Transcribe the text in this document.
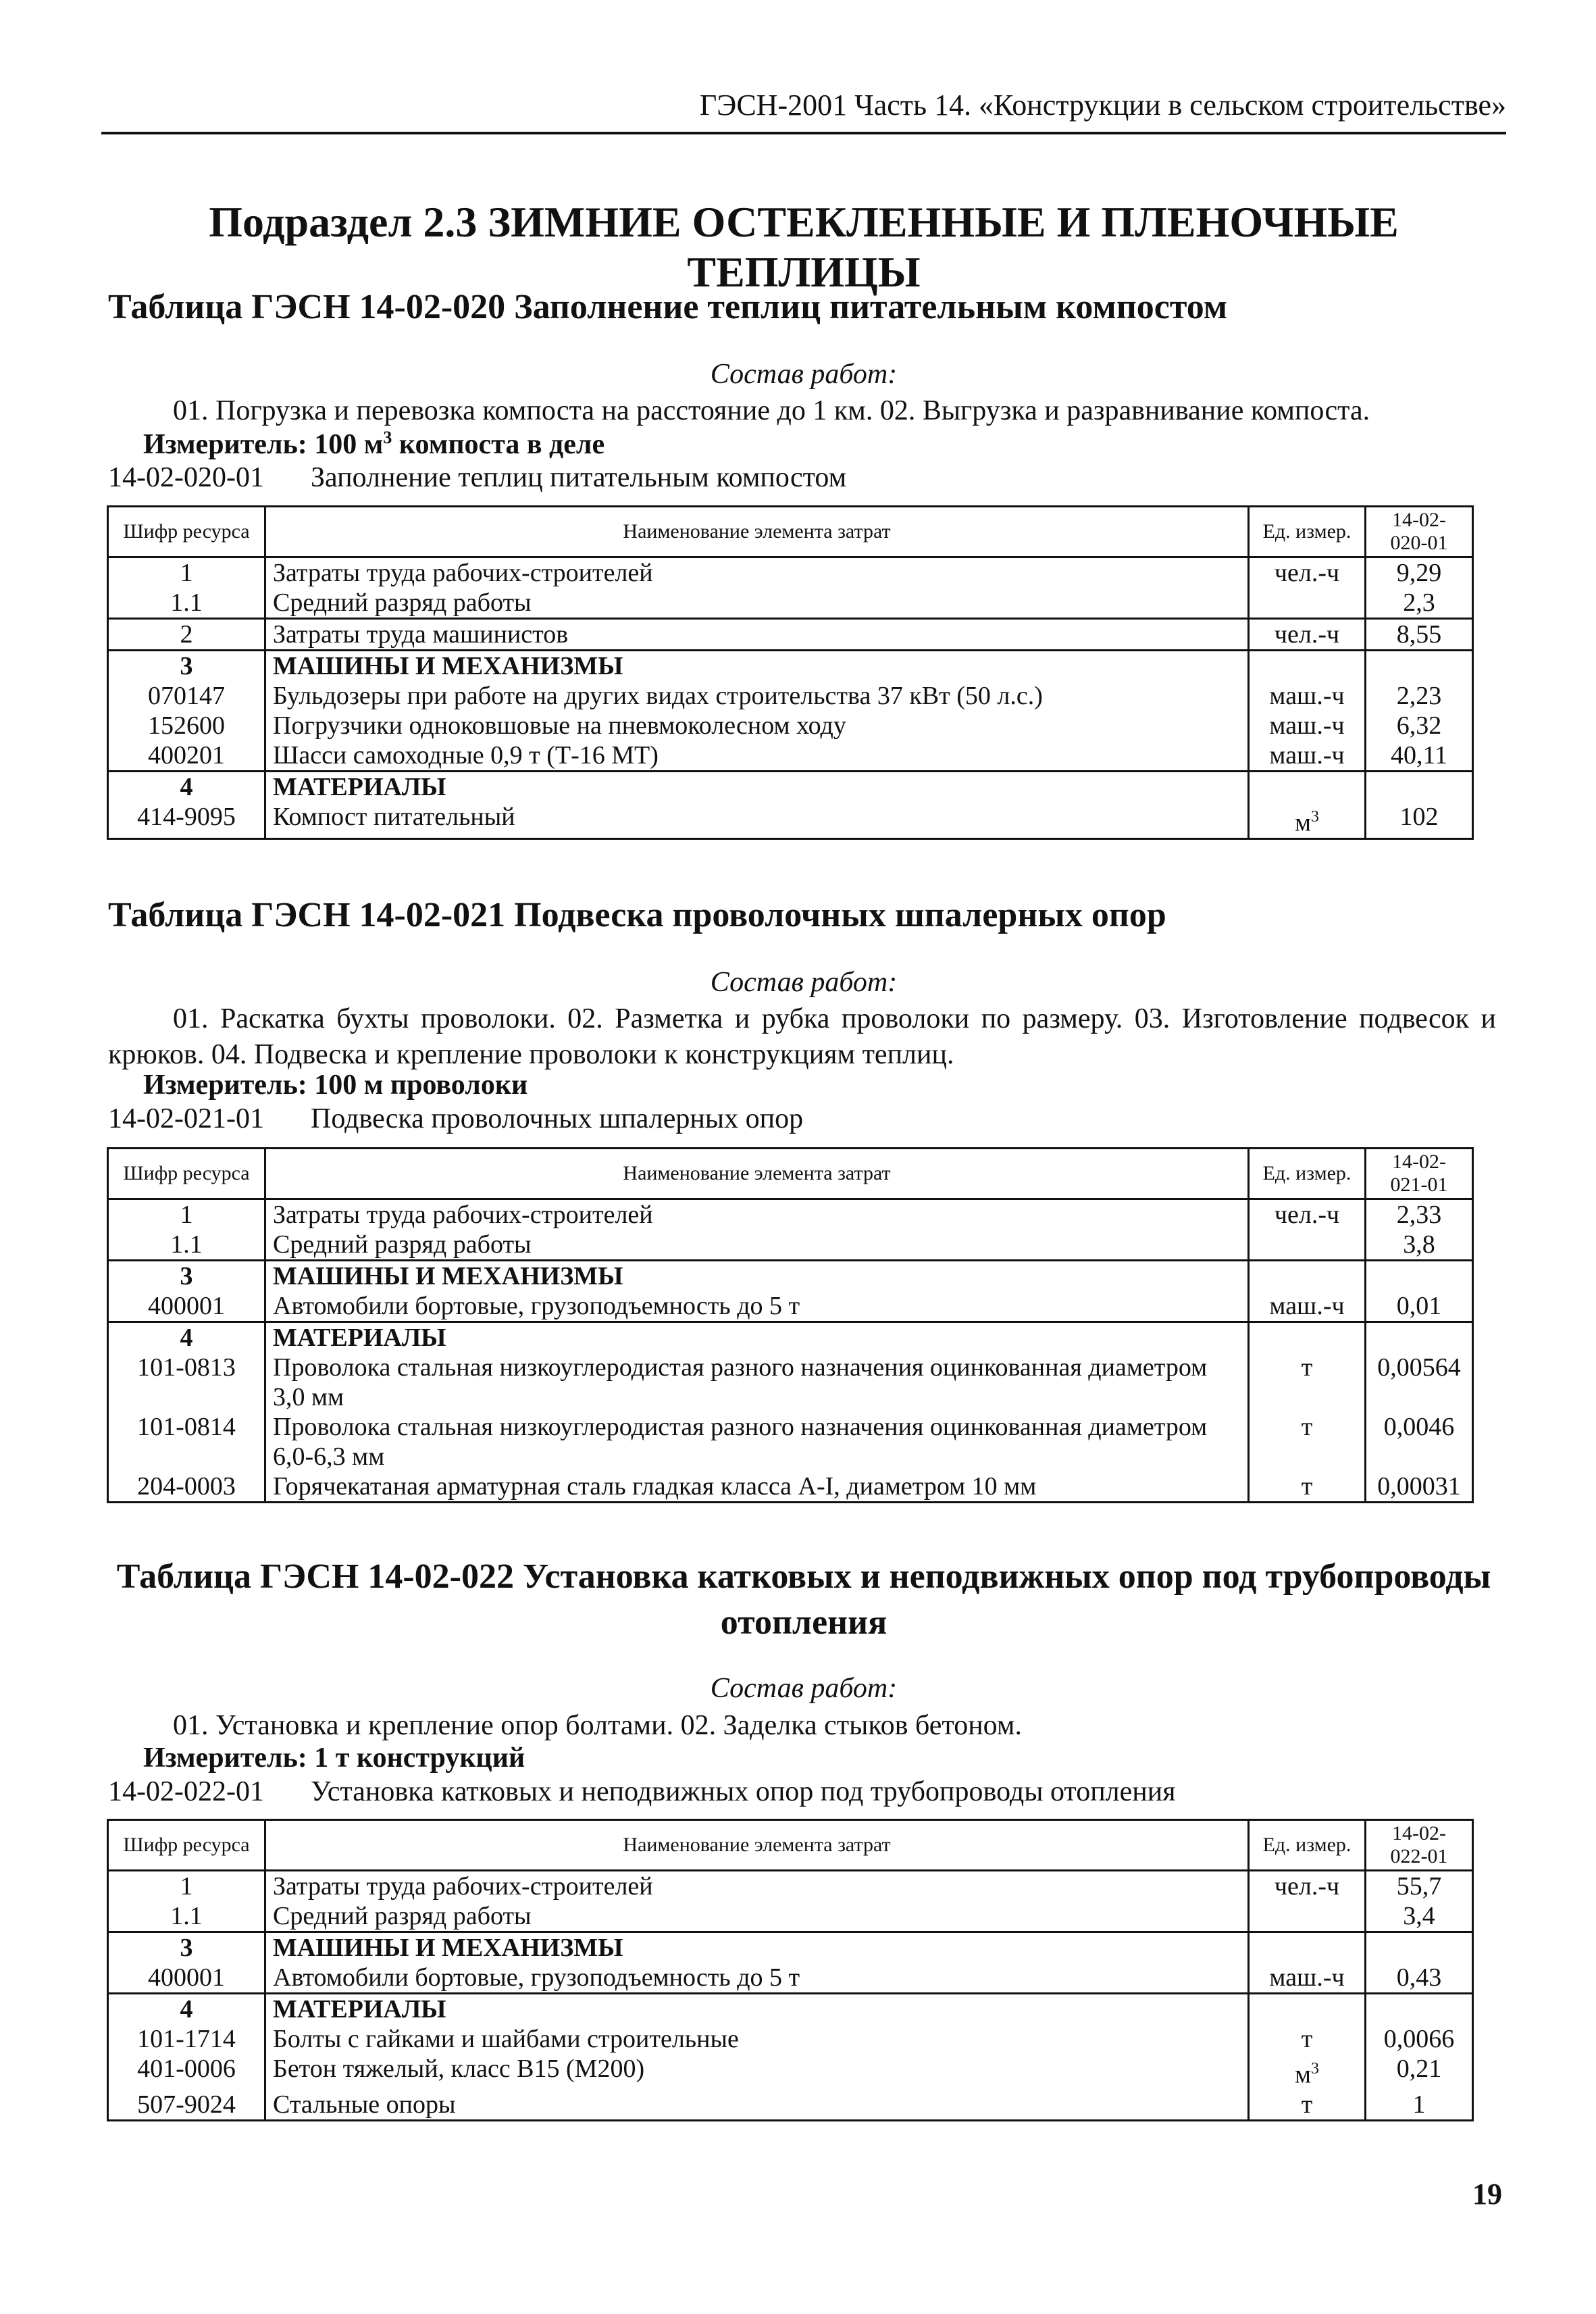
ГЭСН-2001 Часть 14. «Конструкции в сельском строительстве»
Подраздел 2.3 ЗИМНИЕ ОСТЕКЛЕННЫЕ И ПЛЕНОЧНЫЕ ТЕПЛИЦЫ
Таблица ГЭСН 14-02-020 Заполнение теплиц питательным компостом
Состав работ:
01. Погрузка и перевозка компоста на расстояние до 1 км. 02. Выгрузка и разравнивание компоста.
Измеритель: 100 $м^3$ компоста в деле
14-02-020-01 Заполнение теплиц питательным компостом
Шифр ресурса	Наименование элемента затрат	Ед. измер.	14-02-
020-01

1	Затраты труда рабочих-строителей	чел.-ч	9,29
1.1	Средний разряд работы		2,3
2	Затраты труда машинистов	чел.-ч	8,55
3	МАШИНЫ И МЕХАНИЗМЫ		
070147	Бульдозеры при работе на других видах строительства 37 кВт (50 л.с.)	маш.-ч	2,23
152600	Погрузчики одноковшовые на пневмоколесном ходу	маш.-ч	6,32
400201	Шасси самоходные 0,9 т (Т-16 МТ)	маш.-ч	40,11
4	МАТЕРИАЛЫ		
414-9095	Компост питательный	$м^3$	102
Таблица ГЭСН 14-02-021 Подвеска проволочных шпалерных опор
Состав работ:
01. Раскатка бухты проволоки. 02. Разметка и рубка проволоки по размеру. 03. Изготовление подвесок и крюков. 04. Подвеска и крепление проволоки к конструкциям теплиц.
Измеритель: 100 м проволоки
14-02-021-01 Подвеска проволочных шпалерных опор
Шифр ресурса	Наименование элемента затрат	Ед. измер.	14-02-
021-01

1	Затраты труда рабочих-строителей	чел.-ч	2,33
1.1	Средний разряд работы		3,8
3	МАШИНЫ И МЕХАНИЗМЫ		
400001	Автомобили бортовые, грузоподъемность до 5 т	маш.-ч	0,01
4	МАТЕРИАЛЫ		
101-0813	Проволока стальная низкоуглеродистая разного назначения оцинкованная диаметром 3,0 мм	т	0,00564
101-0814	Проволока стальная низкоуглеродистая разного назначения оцинкованная диаметром 6,0-6,3 мм	т	0,0046
204-0003	Горячекатаная арматурная сталь гладкая класса А-I, диаметром 10 мм	т	0,00031
Таблица ГЭСН 14-02-022 Установка катковых и неподвижных опор под трубопроводы
отопления
Состав работ:
01. Установка и крепление опор болтами. 02. Заделка стыков бетоном.
Измеритель: 1 т конструкций
14-02-022-01 Установка катковых и неподвижных опор под трубопроводы отопления
Шифр ресурса	Наименование элемента затрат	Ед. измер.	14-02-
022-01

1	Затраты труда рабочих-строителей	чел.-ч	55,7
1.1	Средний разряд работы		3,4
3	МАШИНЫ И МЕХАНИЗМЫ		
400001	Автомобили бортовые, грузоподъемность до 5 т	маш.-ч	0,43
4	МАТЕРИАЛЫ		
101-1714	Болты с гайками и шайбами строительные	т	0,0066
401-0006	Бетон тяжелый, класс В15 (М200)	$м^3$	0,21
507-9024	Стальные опоры	т	1
19
